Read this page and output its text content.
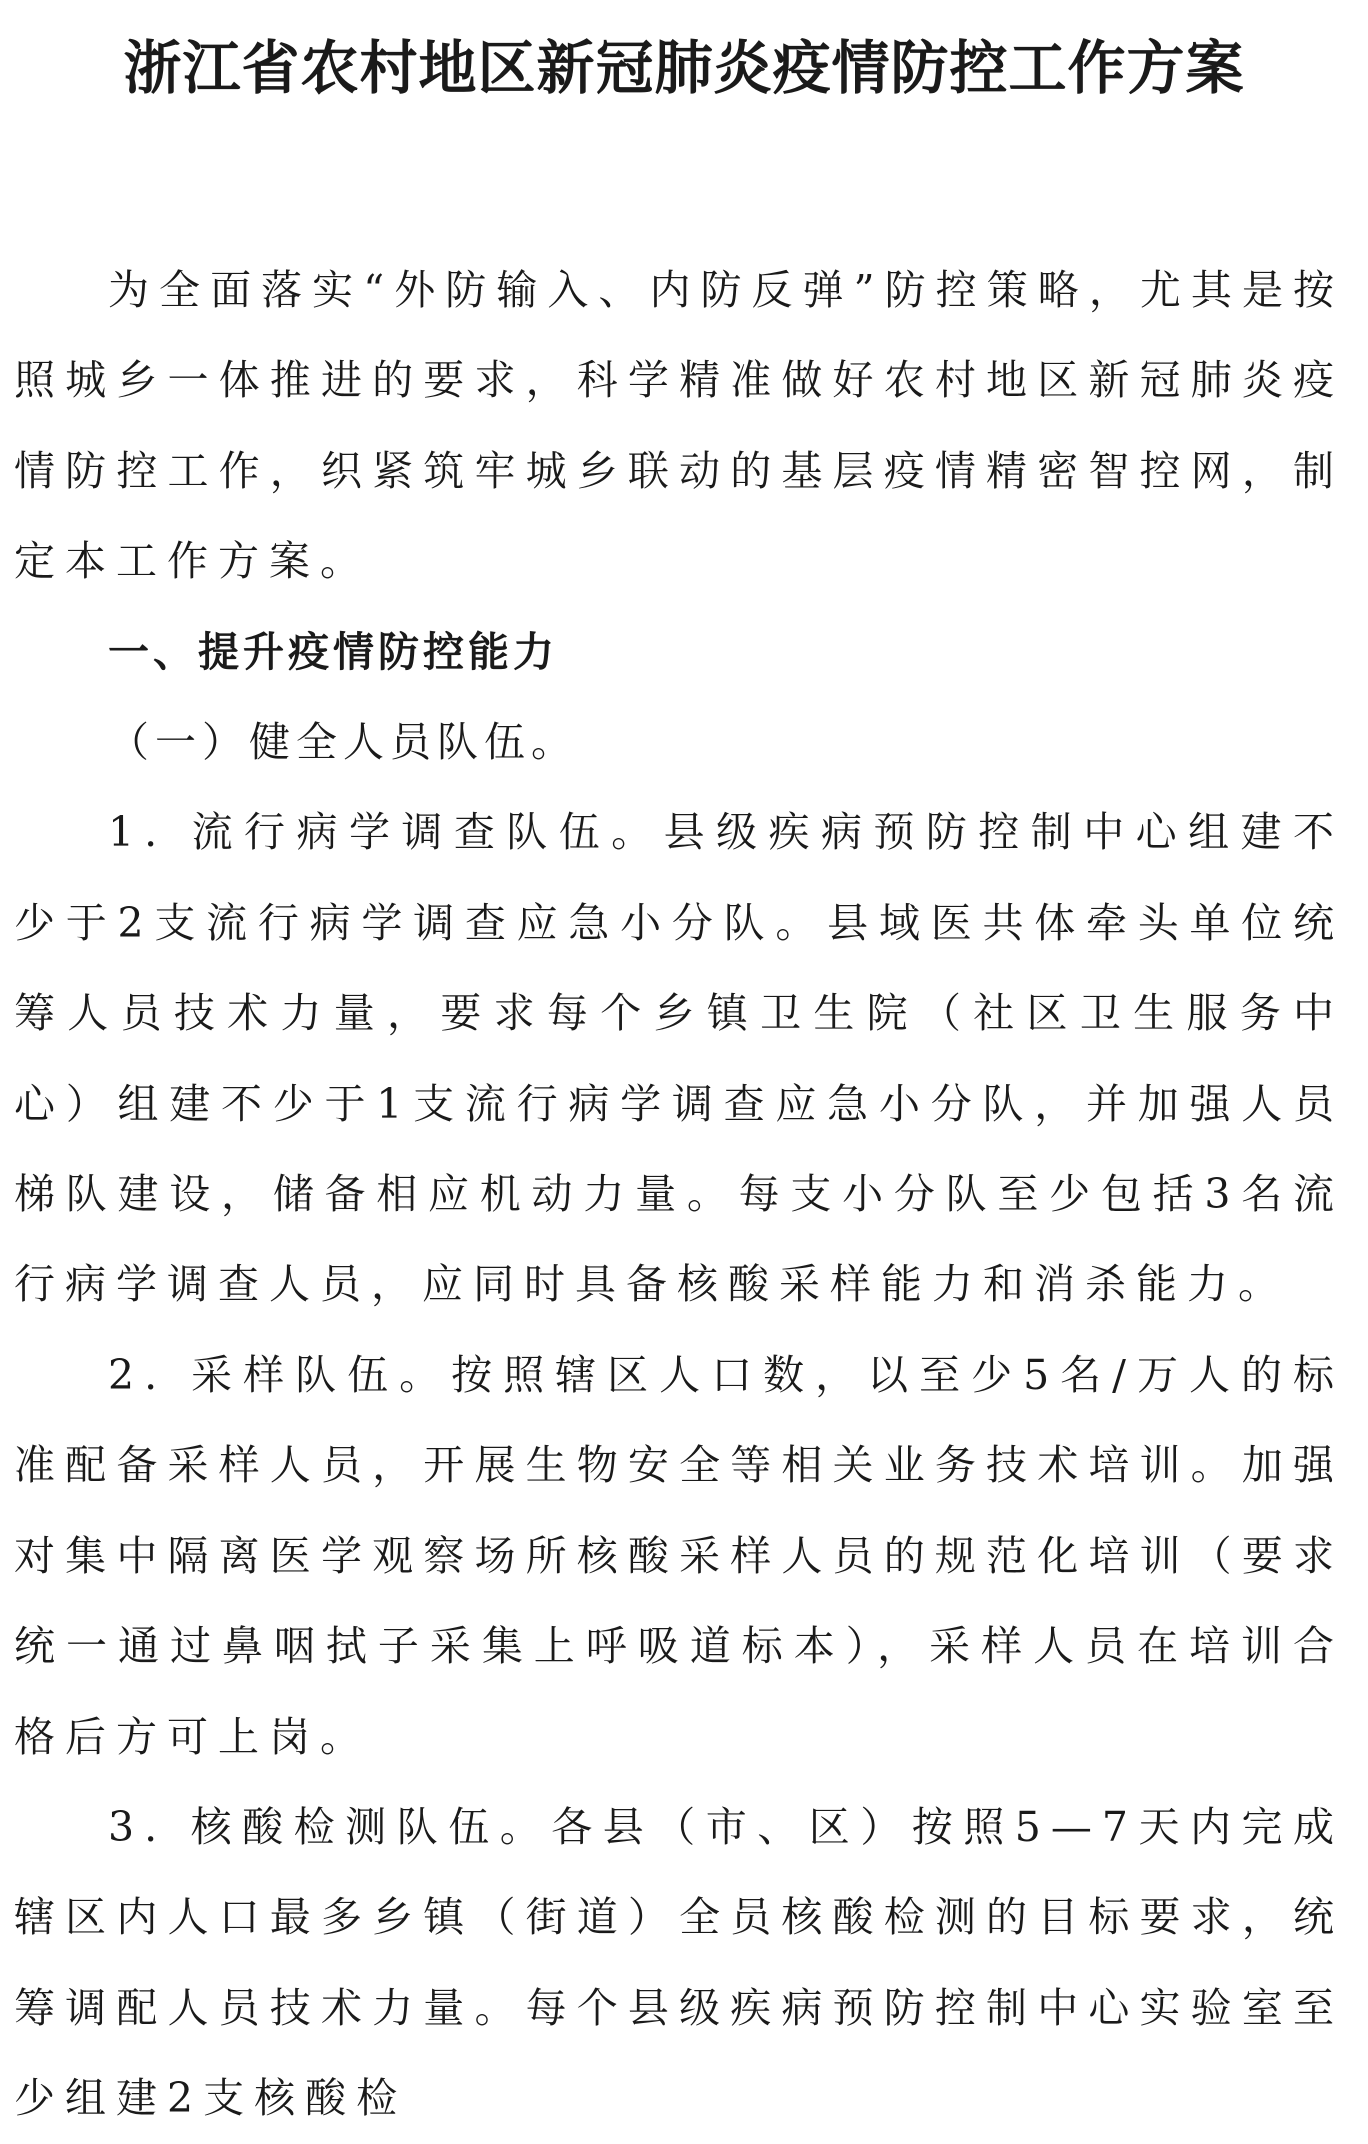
浙江省农村地区新冠肺炎疫情防控工作方案

为全面落实“外防输入、内防反弹”防控策略，尤其是按照城乡一体推进的要求，科学精准做好农村地区新冠肺炎疫情防控工作，织紧筑牢城乡联动的基层疫情精密智控网，制定本工作方案。

一、提升疫情防控能力

（一）健全人员队伍。

1. 流行病学调查队伍。县级疾病预防控制中心组建不少于2支流行病学调查应急小分队。县域医共体牵头单位统筹人员技术力量，要求每个乡镇卫生院（社区卫生服务中心）组建不少于1支流行病学调查应急小分队，并加强人员梯队建设，储备相应机动力量。每支小分队至少包括3名流行病学调查人员，应同时具备核酸采样能力和消杀能力。

2. 采样队伍。按照辖区人口数，以至少5名/万人的标准配备采样人员，开展生物安全等相关业务技术培训。加强对集中隔离医学观察场所核酸采样人员的规范化培训（要求统一通过鼻咽拭子采集上呼吸道标本），采样人员在培训合格后方可上岗。

3. 核酸检测队伍。各县（市、区）按照5—7天内完成辖区内人口最多乡镇（街道）全员核酸检测的目标要求，统筹调配人员技术力量。每个县级疾病预防控制中心实验室至少组建2支核酸检
